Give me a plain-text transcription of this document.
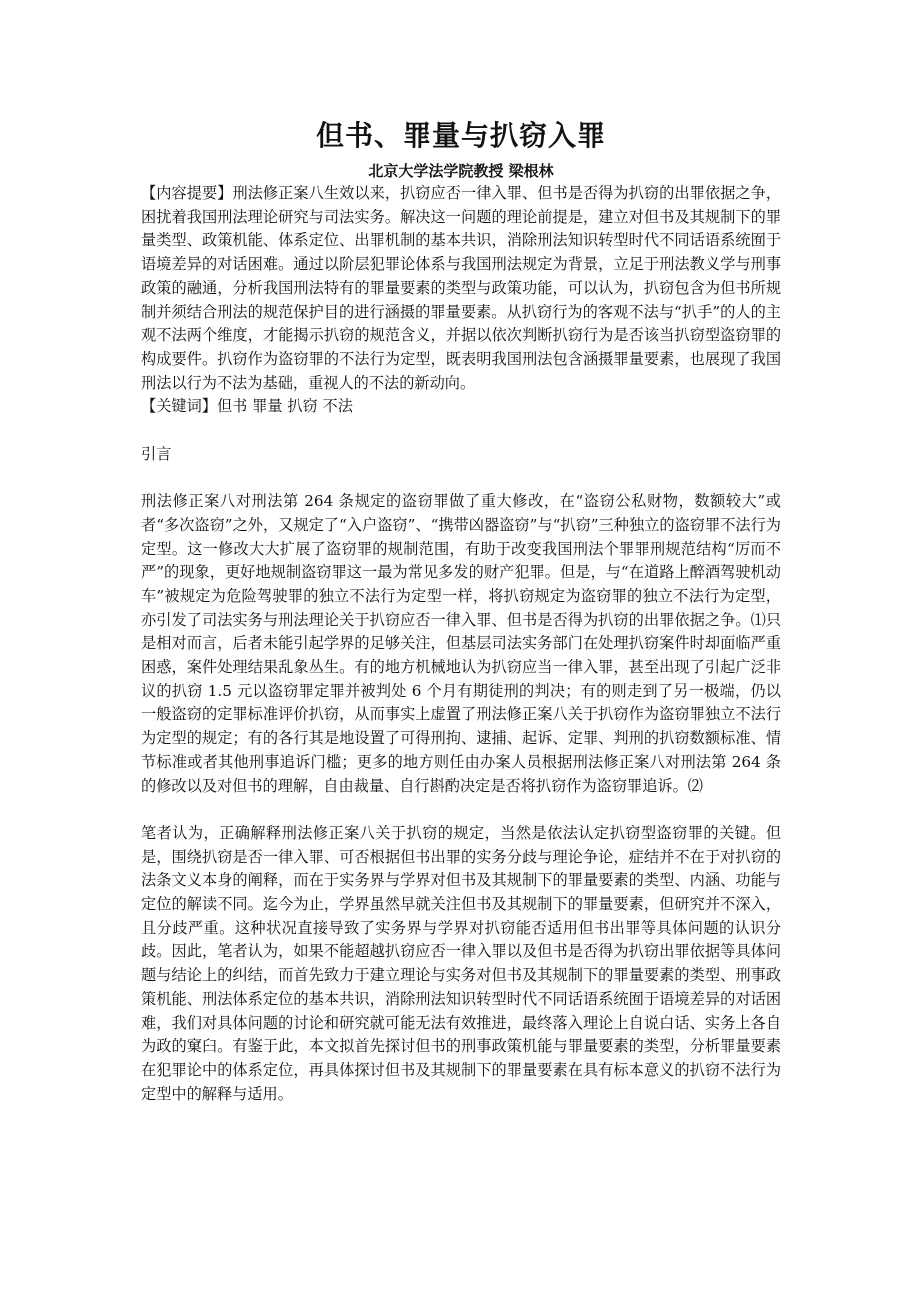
但书、罪量与扒窃入罪

北京大学法学院教授 梁根林

【内容提要】刑法修正案八生效以来，扒窃应否一律入罪、但书是否得为扒窃的出罪依据之争，困扰着我国刑法理论研究与司法实务。解决这一问题的理论前提是，建立对但书及其规制下的罪量类型、政策机能、体系定位、出罪机制的基本共识，消除刑法知识转型时代不同话语系统囿于语境差异的对话困难。通过以阶层犯罪论体系与我国刑法规定为背景，立足于刑法教义学与刑事政策的融通，分析我国刑法特有的罪量要素的类型与政策功能，可以认为，扒窃包含为但书所规制并须结合刑法的规范保护目的进行涵摄的罪量要素。从扒窃行为的客观不法与“扒手”的人的主观不法两个维度，才能揭示扒窃的规范含义，并据以依次判断扒窃行为是否该当扒窃型盗窃罪的构成要件。扒窃作为盗窃罪的不法行为定型，既表明我国刑法包含涵摄罪量要素，也展现了我国刑法以行为不法为基础，重视人的不法的新动向。

【关键词】但书 罪量 扒窃 不法

引言

刑法修正案八对刑法第 264 条规定的盗窃罪做了重大修改，在“盗窃公私财物，数额较大”或者“多次盗窃”之外，又规定了“入户盗窃”、“携带凶器盗窃”与“扒窃”三种独立的盗窃罪不法行为定型。这一修改大大扩展了盗窃罪的规制范围，有助于改变我国刑法个罪罪刑规范结构“厉而不严”的现象，更好地规制盗窃罪这一最为常见多发的财产犯罪。但是，与“在道路上醉酒驾驶机动车”被规定为危险驾驶罪的独立不法行为定型一样，将扒窃规定为盗窃罪的独立不法行为定型，亦引发了司法实务与刑法理论关于扒窃应否一律入罪、但书是否得为扒窃的出罪依据之争。⑴只是相对而言，后者未能引起学界的足够关注，但基层司法实务部门在处理扒窃案件时却面临严重困惑，案件处理结果乱象丛生。有的地方机械地认为扒窃应当一律入罪，甚至出现了引起广泛非议的扒窃 1.5 元以盗窃罪定罪并被判处 6 个月有期徒刑的判决；有的则走到了另一极端，仍以一般盗窃的定罪标准评价扒窃，从而事实上虚置了刑法修正案八关于扒窃作为盗窃罪独立不法行为定型的规定；有的各行其是地设置了可得刑拘、逮捕、起诉、定罪、判刑的扒窃数额标准、情节标准或者其他刑事追诉门槛；更多的地方则任由办案人员根据刑法修正案八对刑法第 264 条的修改以及对但书的理解，自由裁量、自行斟酌决定是否将扒窃作为盗窃罪追诉。⑵

笔者认为，正确解释刑法修正案八关于扒窃的规定，当然是依法认定扒窃型盗窃罪的关键。但是，围绕扒窃是否一律入罪、可否根据但书出罪的实务分歧与理论争论，症结并不在于对扒窃的法条文义本身的阐释，而在于实务界与学界对但书及其规制下的罪量要素的类型、内涵、功能与定位的解读不同。迄今为止，学界虽然早就关注但书及其规制下的罪量要素，但研究并不深入，且分歧严重。这种状况直接导致了实务界与学界对扒窃能否适用但书出罪等具体问题的认识分歧。因此，笔者认为，如果不能超越扒窃应否一律入罪以及但书是否得为扒窃出罪依据等具体问题与结论上的纠结，而首先致力于建立理论与实务对但书及其规制下的罪量要素的类型、刑事政策机能、刑法体系定位的基本共识，消除刑法知识转型时代不同话语系统囿于语境差异的对话困难，我们对具体问题的讨论和研究就可能无法有效推进，最终落入理论上自说白话、实务上各自为政的窠臼。有鉴于此，本文拟首先探讨但书的刑事政策机能与罪量要素的类型，分析罪量要素在犯罪论中的体系定位，再具体探讨但书及其规制下的罪量要素在具有标本意义的扒窃不法行为定型中的解释与适用。
